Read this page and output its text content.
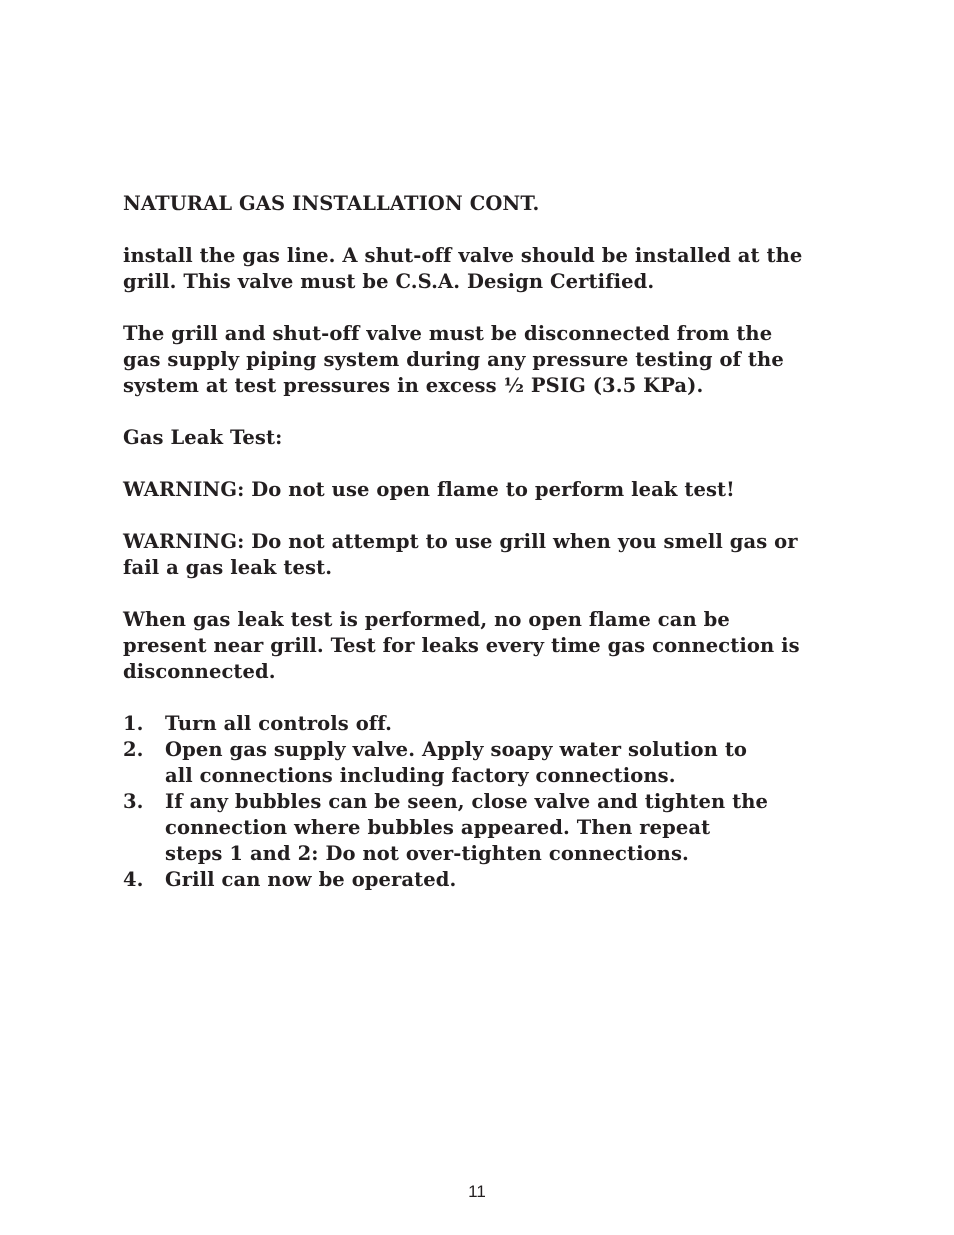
NATURAL GAS INSTALLATION CONT.

install the gas line. A shut-off valve should be installed at the
grill. This valve must be C.S.A. Design Certified.

The grill and shut-off valve must be disconnected from the
gas supply piping system during any pressure testing of the
system at test pressures in excess ½ PSIG (3.5 KPa).

Gas Leak Test:

WARNING: Do not use open flame to perform leak test!

WARNING: Do not attempt to use grill when you smell gas or
fail a gas leak test.

When gas leak test is performed, no open flame can be
present near grill. Test for leaks every time gas connection is
disconnected.

1. Turn all controls off.
2. Open gas supply valve. Apply soapy water solution to
all connections including factory connections.
3. If any bubbles can be seen, close valve and tighten the
connection where bubbles appeared. Then repeat
steps 1 and 2: Do not over-tighten connections.
4. Grill can now be operated.
11
